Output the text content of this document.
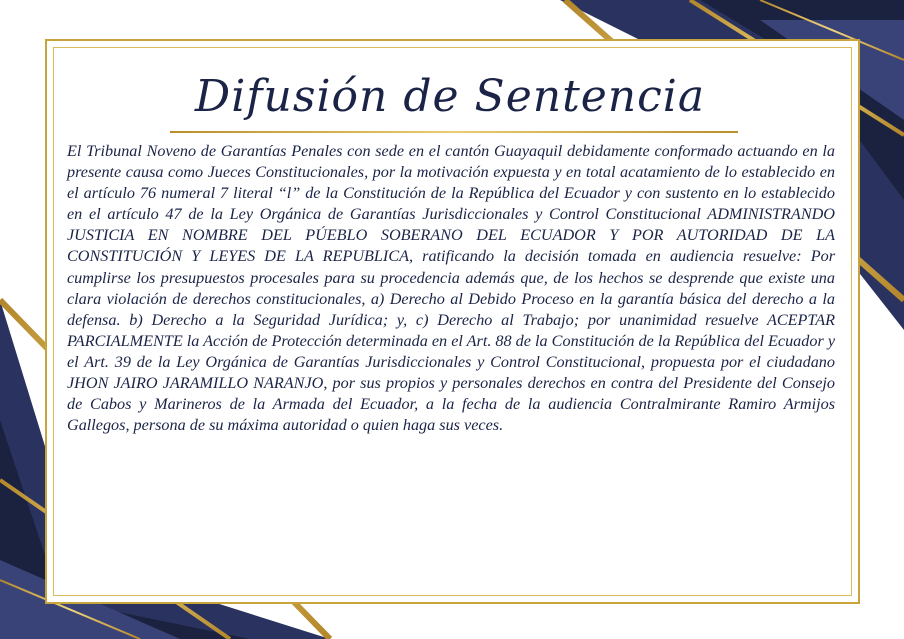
Difusión de Sentencia

El Tribunal Noveno de Garantías Penales con sede en el cantón Guayaquil debidamente conformado actuando en la presente causa como Jueces Constitucionales, por la motivación expuesta y en total acatamiento de lo establecido en el artículo 76 numeral 7 literal “l” de la Constitución de la República del Ecuador y con sustento en lo establecido en el artículo 47 de la Ley Orgánica de Garantías Jurisdiccionales y Control Constitucional ADMINISTRANDO JUSTICIA EN NOMBRE DEL PÚEBLO SOBERANO DEL ECUADOR Y POR AUTORIDAD DE LA CONSTITUCIÓN Y LEYES DE LA REPUBLICA, ratificando la decisión tomada en audiencia resuelve: Por cumplirse los presupuestos procesales para su procedencia además que, de los hechos se desprende que existe una clara violación de derechos constitucionales, a) Derecho al Debido Proceso en la garantía básica del derecho a la defensa. b) Derecho a la Seguridad Jurídica; y, c) Derecho al Trabajo; por unanimidad resuelve ACEPTAR PARCIALMENTE la Acción de Protección determinada en el Art. 88 de la Constitución de la República del Ecuador y el Art. 39 de la Ley Orgánica de Garantías Jurisdiccionales y Control Constitucional, propuesta por el ciudadano JHON JAIRO JARAMILLO NARANJO, por sus propios y personales derechos en contra del Presidente del Consejo de Cabos y Marineros de la Armada del Ecuador, a la fecha de la audiencia Contralmirante Ramiro Armijos Gallegos, persona de su máxima autoridad o quien haga sus veces.
